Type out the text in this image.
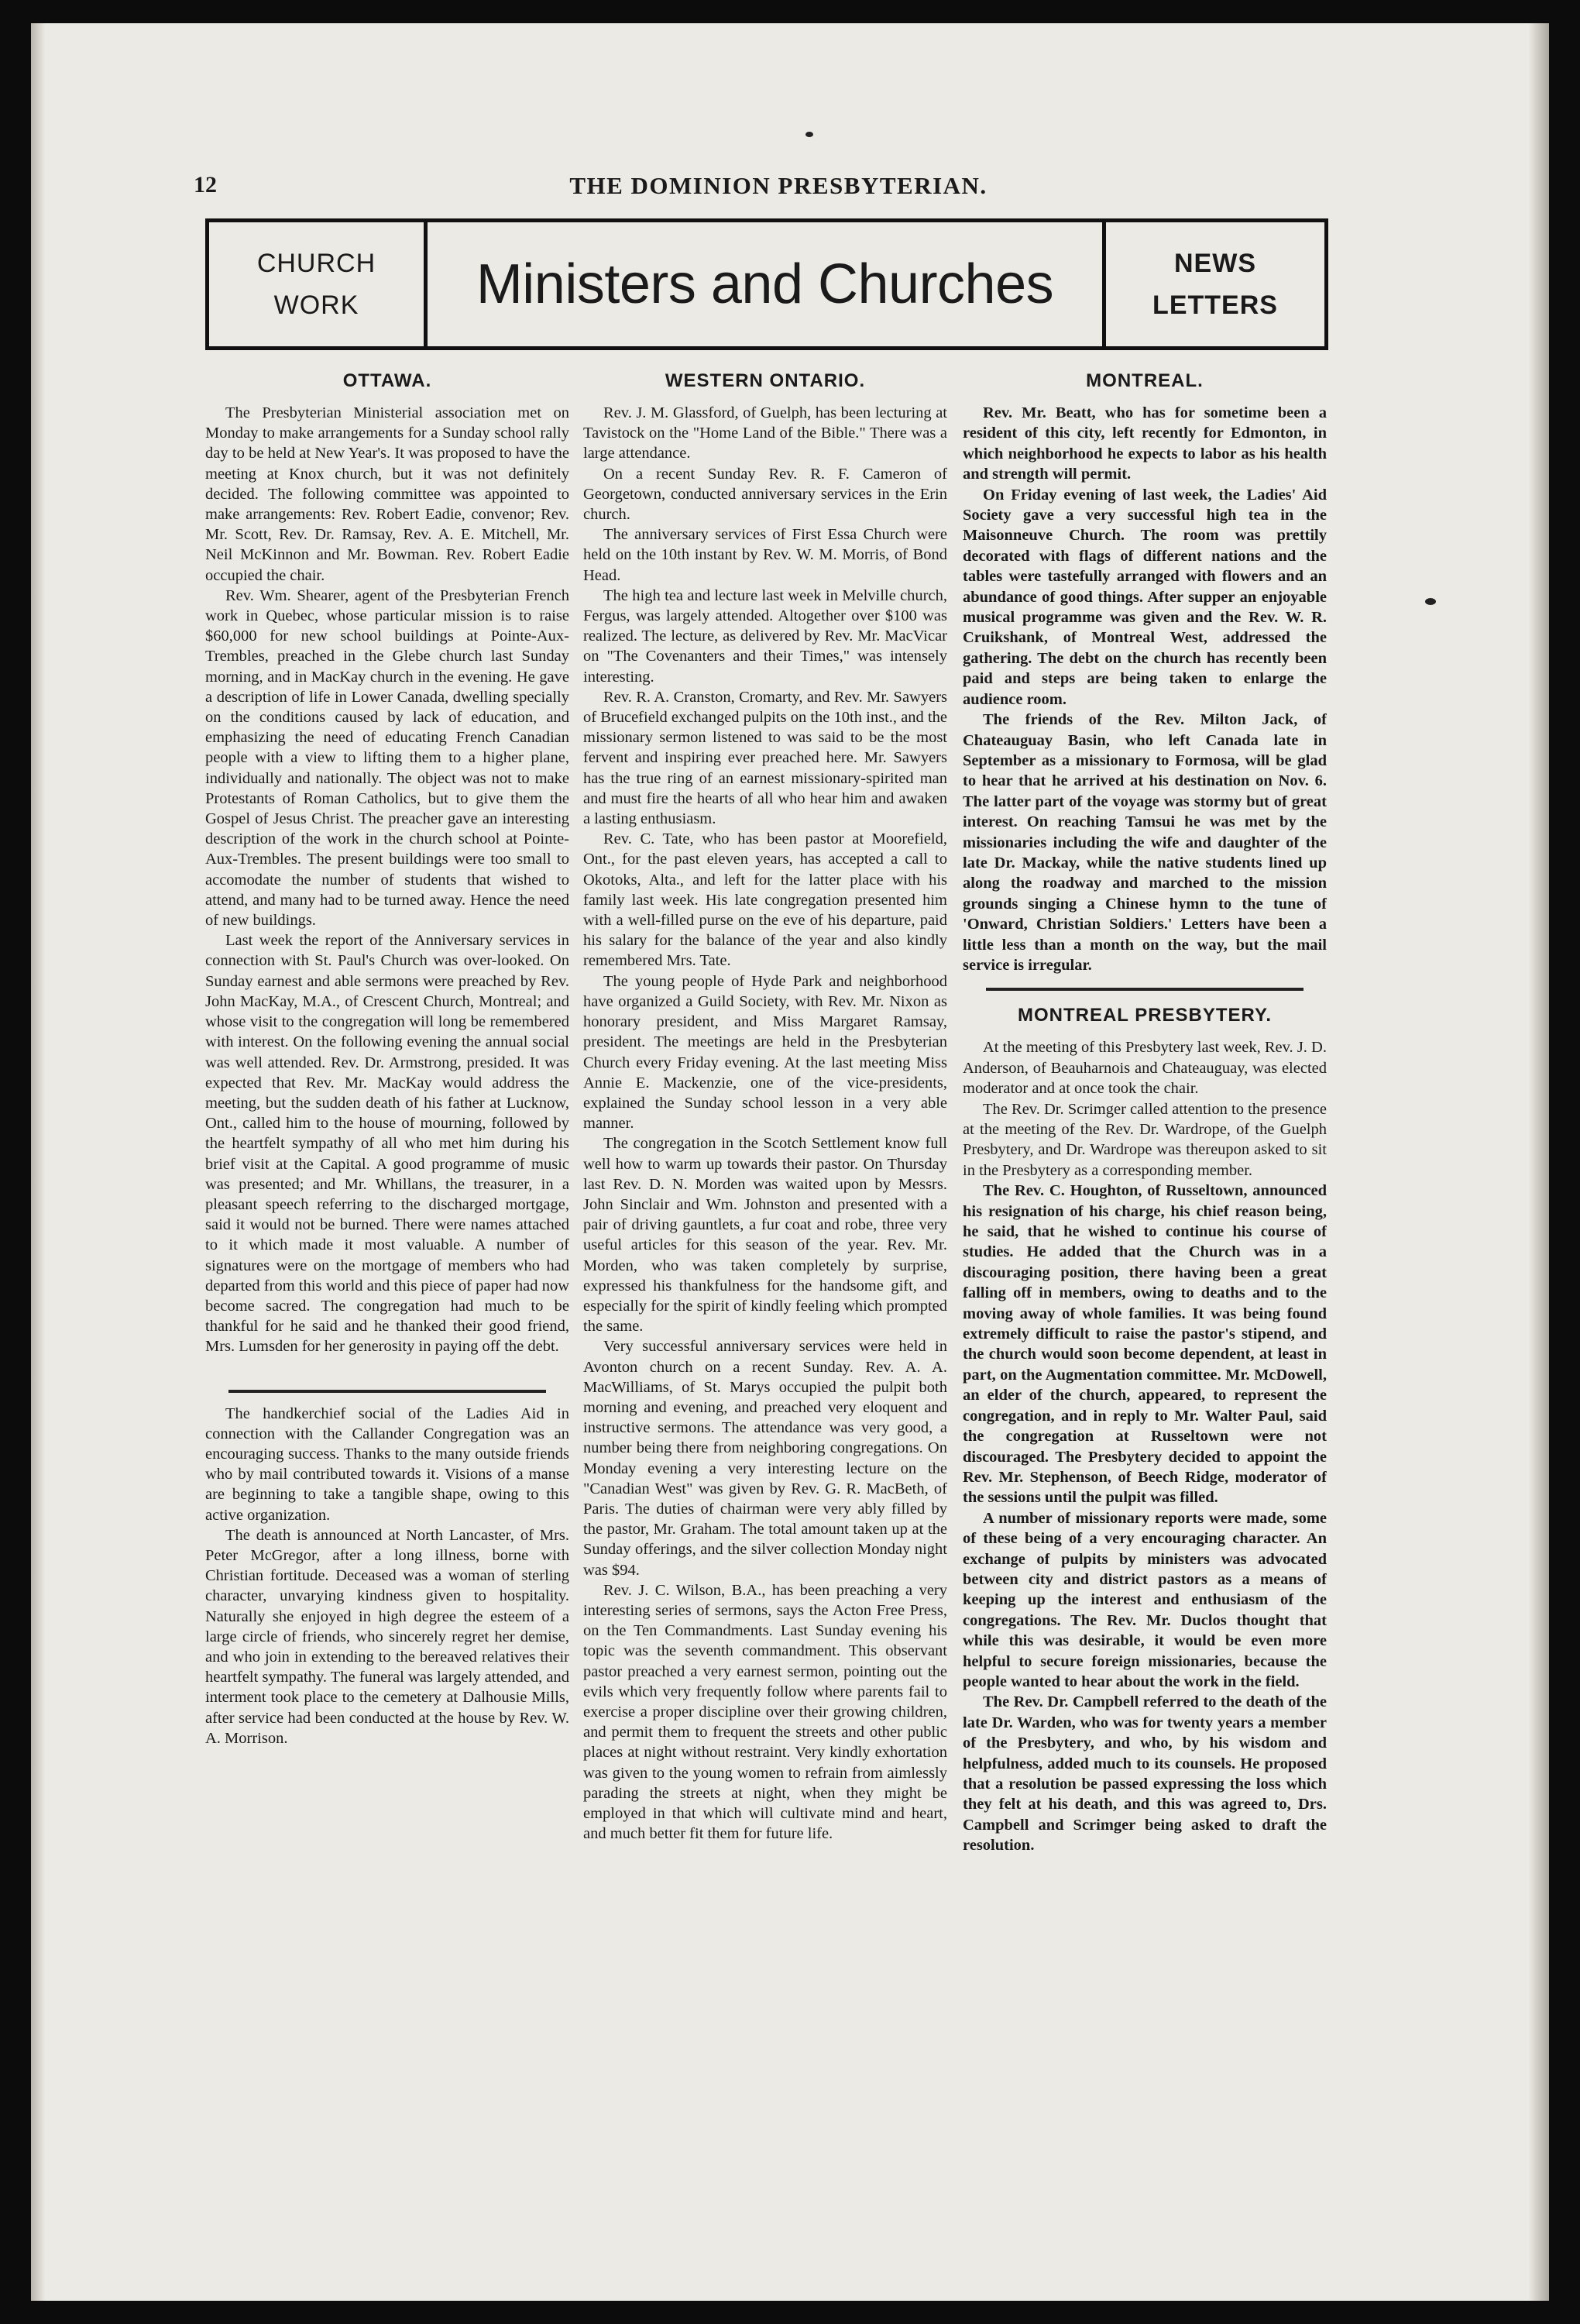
12	THE DOMINION PRESBYTERIAN.
CHURCH
WORK Ministers and Churches	NEWS
LETTERS
OTTAWA.

The Presbyterian Ministerial association met on Monday to make arrangements for a Sunday school rally day to be held at New Year's. It was proposed to have the meeting at Knox church, but it was not definitely decided. The following committee was appointed to make arrangements: Rev. Robert Eadie, convenor; Rev. Mr. Scott, Rev. Dr. Ramsay, Rev. A. E. Mitchell, Mr. Neil McKinnon and Mr. Bowman. Rev. Robert Eadie occupied the chair.

Rev. Wm. Shearer, agent of the Presbyterian French work in Quebec, whose particular mission is to raise $60,000 for new school buildings at Pointe-Aux-Trembles, preached in the Glebe church last Sunday morning, and in MacKay church in the evening. He gave a description of life in Lower Canada, dwelling specially on the conditions caused by lack of education, and emphasizing the need of educating French Canadian people with a view to lifting them to a higher plane, individually and nationally. The object was not to make Protestants of Roman Catholics, but to give them the Gospel of Jesus Christ. The preacher gave an interesting description of the work in the church school at Pointe-Aux-Trembles. The present buildings were too small to accomodate the number of students that wished to attend, and many had to be turned away. Hence the need of new buildings.

Last week the report of the Anniversary services in connection with St. Paul's Church was over-looked. On Sunday earnest and able sermons were preached by Rev. John MacKay, M.A., of Crescent Church, Montreal; and whose visit to the congregation will long be remembered with interest. On the following evening the annual social was well attended. Rev. Dr. Armstrong, presided. It was expected that Rev. Mr. MacKay would address the meeting, but the sudden death of his father at Lucknow, Ont., called him to the house of mourning, followed by the heartfelt sympathy of all who met him during his brief visit at the Capital. A good programme of music was presented; and Mr. Whillans, the treasurer, in a pleasant speech referring to the discharged mortgage, said it would not be burned. There were names attached to it which made it most valuable. A number of signatures were on the mortgage of members who had departed from this world and this piece of paper had now become sacred. The congregation had much to be thankful for he said and he thanked their good friend, Mrs. Lumsden for her generosity in paying off the debt.

The handkerchief social of the Ladies Aid in connection with the Callander Congregation was an encouraging success. Thanks to the many outside friends who by mail contributed towards it. Visions of a manse are beginning to take a tangible shape, owing to this active organization.

The death is announced at North Lancaster, of Mrs. Peter McGregor, after a long illness, borne with Christian fortitude. Deceased was a woman of sterling character, unvarying kindness given to hospitality. Naturally she enjoyed in high degree the esteem of a large circle of friends, who sincerely regret her demise, and who join in extending to the bereaved relatives their heartfelt sympathy. The funeral was largely attended, and interment took place to the cemetery at Dalhousie Mills, after service had been conducted at the house by Rev. W. A. Morrison.

WESTERN ONTARIO.

Rev. J. M. Glassford, of Guelph, has been lecturing at Tavistock on the "Home Land of the Bible." There was a large attendance.

On a recent Sunday Rev. R. F. Cameron of Georgetown, conducted anniversary services in the Erin church.

The anniversary services of First Essa Church were held on the 10th instant by Rev. W. M. Morris, of Bond Head.

The high tea and lecture last week in Melville church, Fergus, was largely attended. Altogether over $100 was realized. The lecture, as delivered by Rev. Mr. MacVicar on "The Covenanters and their Times," was intensely interesting.

Rev. R. A. Cranston, Cromarty, and Rev. Mr. Sawyers of Brucefield exchanged pulpits on the 10th inst., and the missionary sermon listened to was said to be the most fervent and inspiring ever preached here. Mr. Sawyers has the true ring of an earnest missionary-spirited man and must fire the hearts of all who hear him and awaken a lasting enthusiasm.

Rev. C. Tate, who has been pastor at Moorefield, Ont., for the past eleven years, has accepted a call to Okotoks, Alta., and left for the latter place with his family last week. His late congregation presented him with a well-filled purse on the eve of his departure, paid his salary for the balance of the year and also kindly remembered Mrs. Tate.

The young people of Hyde Park and neighborhood have organized a Guild Society, with Rev. Mr. Nixon as honorary president, and Miss Margaret Ramsay, president. The meetings are held in the Presbyterian Church every Friday evening. At the last meeting Miss Annie E. Mackenzie, one of the vice-presidents, explained the Sunday school lesson in a very able manner.

The congregation in the Scotch Settlement know full well how to warm up towards their pastor. On Thursday last Rev. D. N. Morden was waited upon by Messrs. John Sinclair and Wm. Johnston and presented with a pair of driving gauntlets, a fur coat and robe, three very useful articles for this season of the year. Rev. Mr. Morden, who was taken completely by surprise, expressed his thankfulness for the handsome gift, and especially for the spirit of kindly feeling which prompted the same.

Very successful anniversary services were held in Avonton church on a recent Sunday. Rev. A. A. MacWilliams, of St. Marys occupied the pulpit both morning and evening, and preached very eloquent and instructive sermons. The attendance was very good, a number being there from neighboring congregations. On Monday evening a very interesting lecture on the "Canadian West" was given by Rev. G. R. MacBeth, of Paris. The duties of chairman were very ably filled by the pastor, Mr. Graham. The total amount taken up at the Sunday offerings, and the silver collection Monday night was $94.

Rev. J. C. Wilson, B.A., has been preaching a very interesting series of sermons, says the Acton Free Press, on the Ten Commandments. Last Sunday evening his topic was the seventh commandment. This observant pastor preached a very earnest sermon, pointing out the evils which very frequently follow where parents fail to exercise a proper discipline over their growing children, and permit them to frequent the streets and other public places at night without restraint. Very kindly exhortation was given to the young women to refrain from aimlessly parading the streets at night, when they might be employed in that which will cultivate mind and heart, and much better fit them for future life.

MONTREAL.

Rev. Mr. Beatt, who has for sometime been a resident of this city, left recently for Edmonton, in which neighborhood he expects to labor as his health and strength will permit.

On Friday evening of last week, the Ladies' Aid Society gave a very successful high tea in the Maisonneuve Church. The room was prettily decorated with flags of different nations and the tables were tastefully arranged with flowers and an abundance of good things. After supper an enjoyable musical programme was given and the Rev. W. R. Cruikshank, of Montreal West, addressed the gathering. The debt on the church has recently been paid and steps are being taken to enlarge the audience room.

The friends of the Rev. Milton Jack, of Chateauguay Basin, who left Canada late in September as a missionary to Formosa, will be glad to hear that he arrived at his destination on Nov. 6. The latter part of the voyage was stormy but of great interest. On reaching Tamsui he was met by the missionaries including the wife and daughter of the late Dr. Mackay, while the native students lined up along the roadway and marched to the mission grounds singing a Chinese hymn to the tune of 'Onward, Christian Soldiers.' Letters have been a little less than a month on the way, but the mail service is irregular.

MONTREAL PRESBYTERY.

At the meeting of this Presbytery last week, Rev. J. D. Anderson, of Beauharnois and Chateauguay, was elected moderator and at once took the chair.

The Rev. Dr. Scrimger called attention to the presence at the meeting of the Rev. Dr. Wardrope, of the Guelph Presbytery, and Dr. Wardrope was thereupon asked to sit in the Presbytery as a corresponding member.

The Rev. C. Houghton, of Russeltown, announced his resignation of his charge, his chief reason being, he said, that he wished to continue his course of studies. He added that the Church was in a discouraging position, there having been a great falling off in members, owing to deaths and to the moving away of whole families. It was being found extremely difficult to raise the pastor's stipend, and the church would soon become dependent, at least in part, on the Augmentation committee. Mr. McDowell, an elder of the church, appeared, to represent the congregation, and in reply to Mr. Walter Paul, said the congregation at Russeltown were not discouraged. The Presbytery decided to appoint the Rev. Mr. Stephenson, of Beech Ridge, moderator of the sessions until the pulpit was filled.

A number of missionary reports were made, some of these being of a very encouraging character. An exchange of pulpits by ministers was advocated between city and district pastors as a means of keeping up the interest and enthusiasm of the congregations. The Rev. Mr. Duclos thought that while this was desirable, it would be even more helpful to secure foreign missionaries, because the people wanted to hear about the work in the field.

The Rev. Dr. Campbell referred to the death of the late Dr. Warden, who was for twenty years a member of the Presbytery, and who, by his wisdom and helpfulness, added much to its counsels. He proposed that a resolution be passed expressing the loss which they felt at his death, and this was agreed to, Drs. Campbell and Scrimger being asked to draft the resolution.
